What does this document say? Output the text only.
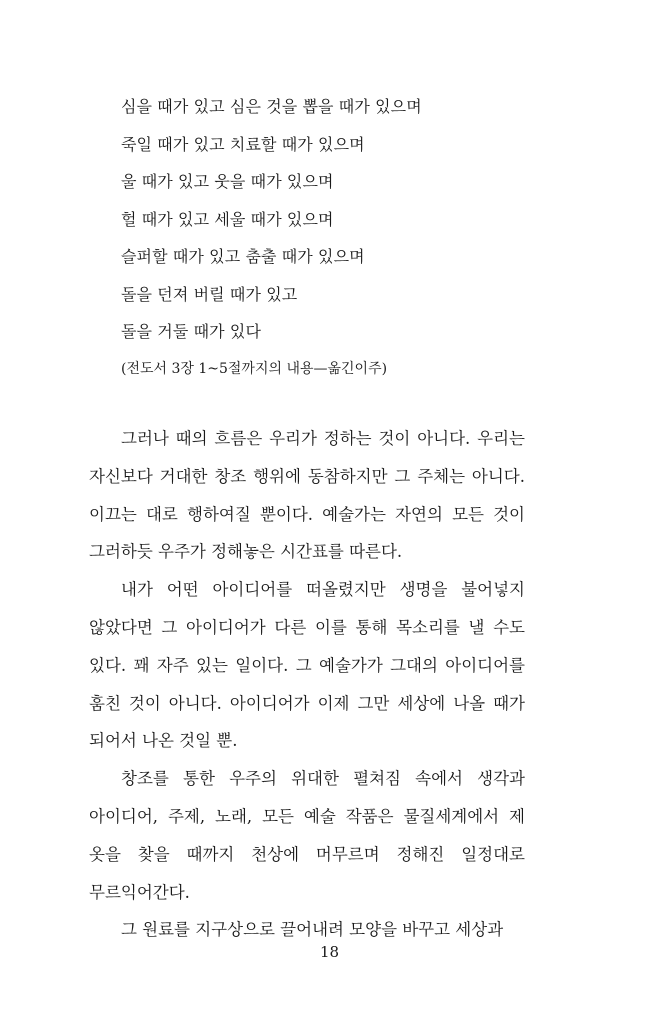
심을 때가 있고 심은 것을 뽑을 때가 있으며
죽일 때가 있고 치료할 때가 있으며
울 때가 있고 웃을 때가 있으며
헐 때가 있고 세울 때가 있으며
슬퍼할 때가 있고 춤출 때가 있으며
돌을 던져 버릴 때가 있고
돌을 거둘 때가 있다
(전도서 3장 1~5절까지의 내용—옮긴이주)

그러나 때의 흐름은 우리가 정하는 것이 아니다. 우리는 자신보다 거대한 창조 행위에 동참하지만 그 주체는 아니다. 이끄는 대로 행하여질 뿐이다. 예술가는 자연의 모든 것이 그러하듯 우주가 정해놓은 시간표를 따른다.

내가 어떤 아이디어를 떠올렸지만 생명을 불어넣지 않았다면 그 아이디어가 다른 이를 통해 목소리를 낼 수도 있다. 꽤 자주 있는 일이다. 그 예술가가 그대의 아이디어를 훔친 것이 아니다. 아이디어가 이제 그만 세상에 나올 때가 되어서 나온 것일 뿐.

창조를 통한 우주의 위대한 펼쳐짐 속에서 생각과 아이디어, 주제, 노래, 모든 예술 작품은 물질세계에서 제 옷을 찾을 때까지 천상에 머무르며 정해진 일정대로 무르익어간다.

그 원료를 지구상으로 끌어내려 모양을 바꾸고 세상과

18
